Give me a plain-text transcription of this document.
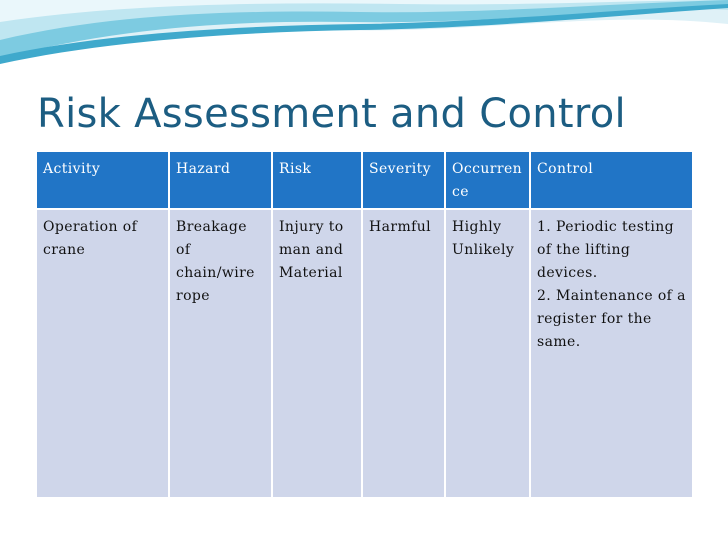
Risk Assessment and Control
Activity	Hazard	Risk	Severity	Occurrence	Control
Operation of crane	Breakage of chain/wire rope	Injury to man and Material	Harmful	Highly Unlikely	1. Periodic testing of the lifting devices.
2. Maintenance of a register for the same.
